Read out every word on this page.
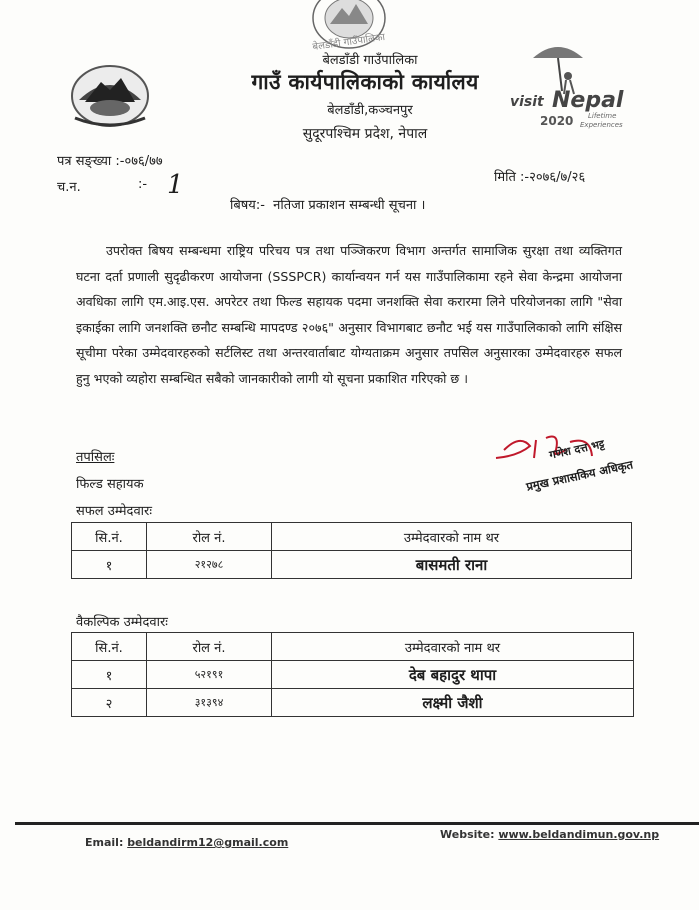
बेलडाँडी गाउँपालिका
बेलडाँडी गाउँपालिका
गाउँ कार्यपालिकाको कार्यालय
बेलडाँडी,कञ्चनपुर
सुदूरपश्चिम प्रदेश, नेपाल
visit Nepal
2020 Lifetime
Experiences
पत्र सङ्ख्या :-०७६/७७
च.न.	:- 1	मिति :-२०७६/७/२६
बिषय:-  नतिजा प्रकाशन सम्बन्धी सूचना ।
उपरोक्त बिषय सम्बन्धमा राष्ट्रिय परिचय पत्र तथा पञ्जिकरण विभाग अन्तर्गत सामाजिक सुरक्षा तथा व्यक्तिगत घटना दर्ता प्रणाली सुदृढीकरण आयोजना (SSSPCR) कार्यान्वयन गर्न यस गाउँपालिकामा रहने सेवा केन्द्रमा आयोजना अवधिका लागि एम.आइ.एस. अपरेटर तथा फिल्ड सहायक पदमा जनशक्ति सेवा करारमा लिने परियोजनका लागि "सेवा इकाईका लागि जनशक्ति छनौट सम्बन्धि मापदण्ड २०७६" अनुसार विभागबाट छनौट भई यस गाउँपालिकाको लागि संक्षिस सूचीमा परेका उम्मेदवारहरुको सर्टलिस्ट तथा अन्तरवार्ताबाट योग्यताक्रम अनुसार तपसिल अनुसारका उम्मेदवारहरु सफल हुनु भएको व्यहोरा सम्बन्धित सबैको जानकारीको लागी यो सूचना प्रकाशित गरिएको छ ।
तपसिलः
फिल्ड सहायक
गणेश दत्त भट्ट
प्रमुख प्रशासकिय अधिकृत
सफल उम्मेदवारः
सि.नं.	रोल नं.	उम्मेदवारको नाम थर
१	२१२७८	बासमती राना
वैकल्पिक उम्मेदवारः
सि.नं.	रोल नं.	उम्मेदवारको नाम थर
१	५२१९१	देब बहादुर थापा
२	३१३९४	लक्ष्मी जैशी
Email: beldandirm12@gmail.com
Website: www.beldandimun.gov.np
